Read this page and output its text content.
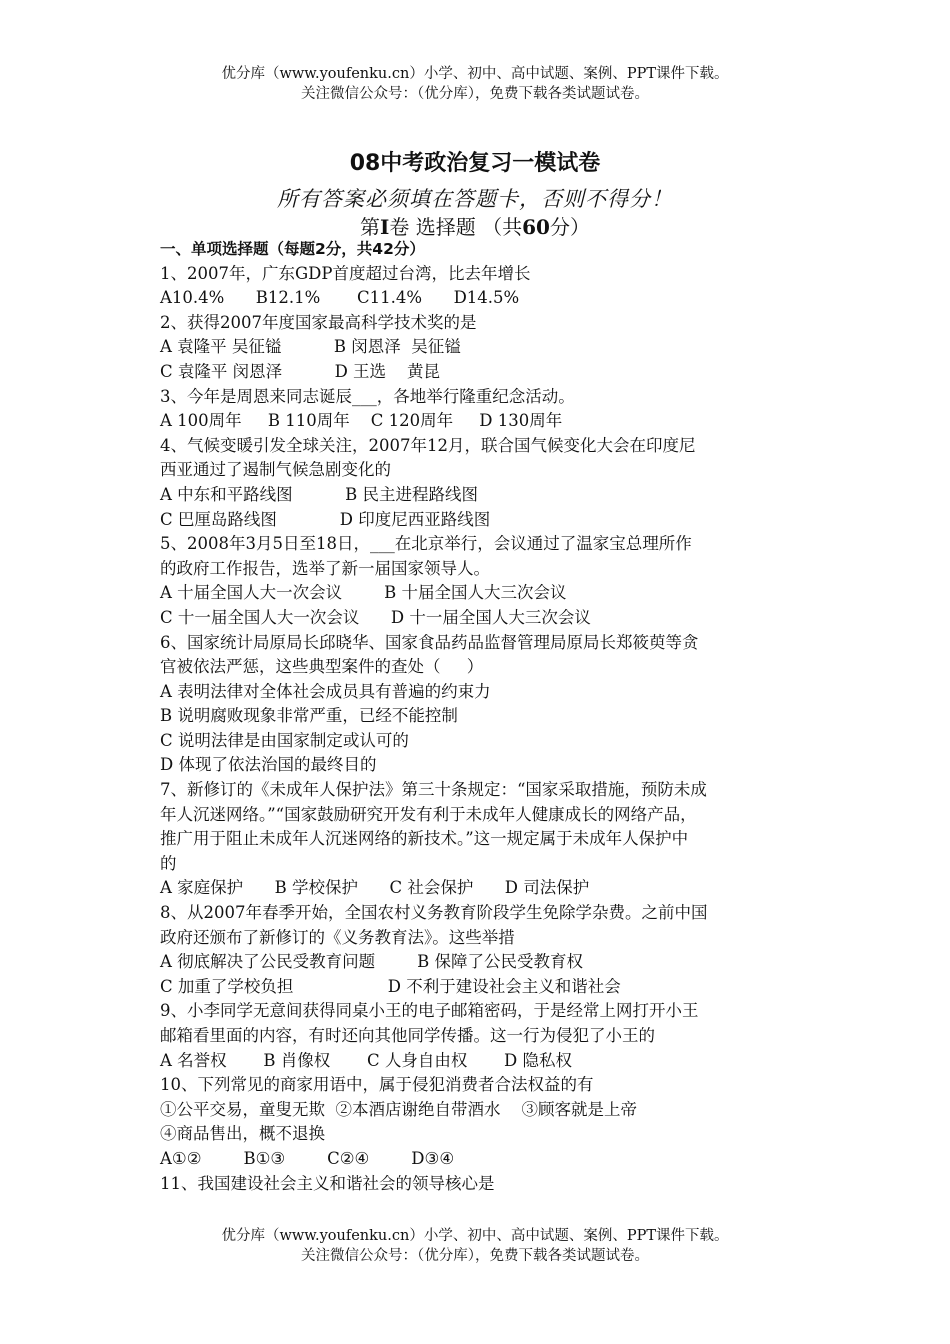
优分库（www.youfenku.cn）小学、初中、高中试题、案例、PPT课件下载。
关注微信公众号：（优分库），免费下载各类试题试卷。
08中考政治复习一模试卷
所有答案必须填在答题卡，否则不得分！
第I卷 选择题 （共60分）
一、单项选择题（每题2分，共42分）
1、2007年，广东GDP首度超过台湾，比去年增长
A10.4%      B12.1%       C11.4%      D14.5%
2、获得2007年度国家最高科学技术奖的是
A 袁隆平 吴征镒          B 闵恩泽  吴征镒
C 袁隆平 闵恩泽          D 王选    黄昆
3、今年是周恩来同志诞辰___，各地举行隆重纪念活动。
A 100周年     B 110周年    C 120周年     D 130周年
4、气候变暖引发全球关注，2007年12月，联合国气候变化大会在印度尼
西亚通过了遏制气候急剧变化的
A 中东和平路线图          B 民主进程路线图
C 巴厘岛路线图            D 印度尼西亚路线图
5、2008年3月5日至18日，___在北京举行，会议通过了温家宝总理所作
的政府工作报告，选举了新一届国家领导人。
A 十届全国人大一次会议        B 十届全国人大三次会议
C 十一届全国人大一次会议      D 十一届全国人大三次会议
6、国家统计局原局长邱晓华、国家食品药品监督管理局原局长郑筱萸等贪
官被依法严惩，这些典型案件的查处（     ）
A 表明法律对全体社会成员具有普遍的约束力
B 说明腐败现象非常严重，已经不能控制
C 说明法律是由国家制定或认可的
D 体现了依法治国的最终目的
7、新修订的《未成年人保护法》第三十条规定：“国家采取措施，预防未成
年人沉迷网络。”“国家鼓励研究开发有利于未成年人健康成长的网络产品，
推广用于阻止未成年人沉迷网络的新技术。”这一规定属于未成年人保护中
的
A 家庭保护      B 学校保护      C 社会保护      D 司法保护
8、从2007年春季开始，全国农村义务教育阶段学生免除学杂费。之前中国
政府还颁布了新修订的《义务教育法》。这些举措
A 彻底解决了公民受教育问题        B 保障了公民受教育权
C 加重了学校负担                  D 不利于建设社会主义和谐社会
9、小李同学无意间获得同桌小王的电子邮箱密码，于是经常上网打开小王
邮箱看里面的内容，有时还向其他同学传播。这一行为侵犯了小王的
A 名誉权       B 肖像权       C 人身自由权       D 隐私权
10、下列常见的商家用语中，属于侵犯消费者合法权益的有
①公平交易，童叟无欺  ②本酒店谢绝自带酒水    ③顾客就是上帝
④商品售出，概不退换
A①②        B①③        C②④        D③④
11、我国建设社会主义和谐社会的领导核心是
优分库（www.youfenku.cn）小学、初中、高中试题、案例、PPT课件下载。
关注微信公众号：（优分库），免费下载各类试题试卷。
